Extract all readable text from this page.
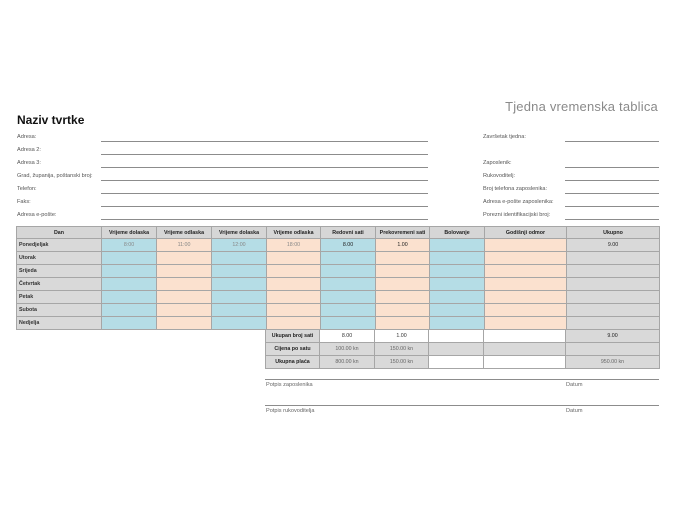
Tjedna vremenska tablica
Naziv tvrtke
Adresa:
Adresa 2:
Adresa 3:
Grad, županija, poštanski broj:
Telefon:
Faks:
Adresa e-pošte:
Završetak tjedna:
Zaposlenik:
Rukovoditelj:
Broj telefona zaposlenika:
Adresa e-pošte zaposlenika:
Porezni identifikacijski broj:
Dan	Vrijeme dolaska	Vrijeme odlaska	Vrijeme dolaska	Vrijeme odlaska	Redovni sati	Prekovremeni sati	Bolovanje	Godišnji odmor	Ukupno
Ponedjeljak	8:00	11:00	12:00	18:00	8.00	1.00			9.00
Utorak									
Srijeda									
Četvrtak									
Petak									
Subota									
Nedjelja									
Ukupan broj sati	8.00	1.00			9.00
Cijena po satu	100.00 kn	150.00 kn			
Ukupna plaća	800.00 kn	150.00 kn			950.00 kn
Potpis zaposlenika	Datum
Potpis rukovoditelja	Datum
